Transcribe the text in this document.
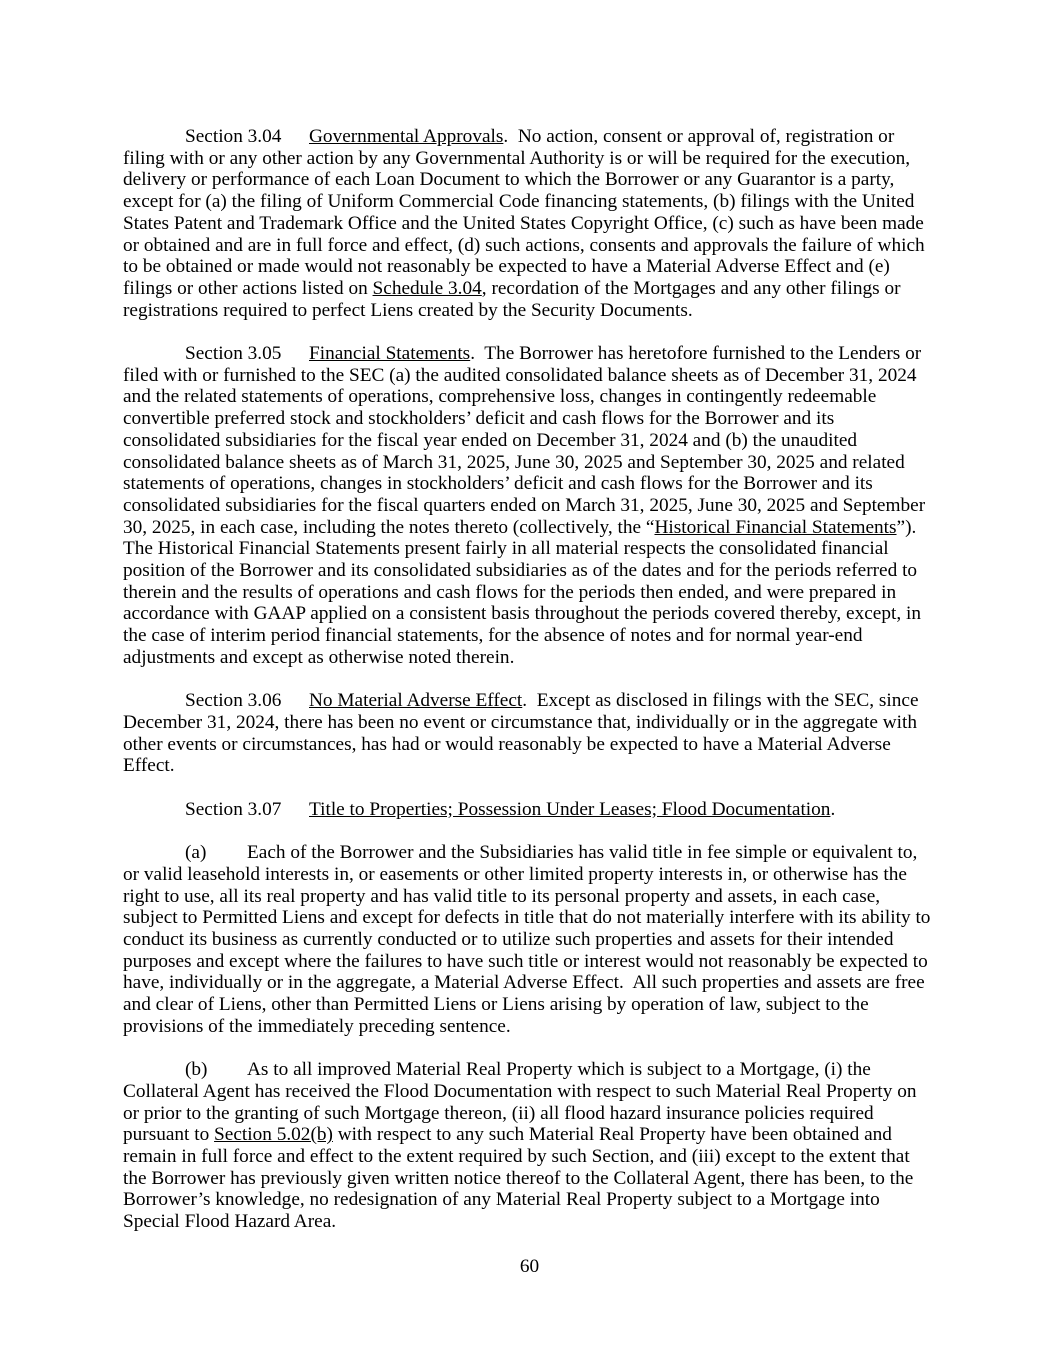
Section 3.04	Governmental Approvals.  No action, consent or approval of, registration or filing with or any other action by any Governmental Authority is or will be required for the execution, delivery or performance of each Loan Document to which the Borrower or any Guarantor is a party, except for (a) the filing of Uniform Commercial Code financing statements, (b) filings with the United States Patent and Trademark Office and the United States Copyright Office, (c) such as have been made or obtained and are in full force and effect, (d) such actions, consents and approvals the failure of which to be obtained or made would not reasonably be expected to have a Material Adverse Effect and (e) filings or other actions listed on Schedule 3.04, recordation of the Mortgages and any other filings or registrations required to perfect Liens created by the Security Documents.

Section 3.05	Financial Statements.  The Borrower has heretofore furnished to the Lenders or filed with or furnished to the SEC (a) the audited consolidated balance sheets as of December 31, 2024 and the related statements of operations, comprehensive loss, changes in contingently redeemable convertible preferred stock and stockholders’ deficit and cash flows for the Borrower and its consolidated subsidiaries for the fiscal year ended on December 31, 2024 and (b) the unaudited consolidated balance sheets as of March 31, 2025, June 30, 2025 and September 30, 2025 and related statements of operations, changes in stockholders’ deficit and cash flows for the Borrower and its consolidated subsidiaries for the fiscal quarters ended on March 31, 2025, June 30, 2025 and September 30, 2025, in each case, including the notes thereto (collectively, the “Historical Financial Statements”). The Historical Financial Statements present fairly in all material respects the consolidated financial position of the Borrower and its consolidated subsidiaries as of the dates and for the periods referred to therein and the results of operations and cash flows for the periods then ended, and were prepared in accordance with GAAP applied on a consistent basis throughout the periods covered thereby, except, in the case of interim period financial statements, for the absence of notes and for normal year-end adjustments and except as otherwise noted therein.

Section 3.06	No Material Adverse Effect.  Except as disclosed in filings with the SEC, since December 31, 2024, there has been no event or circumstance that, individually or in the aggregate with other events or circumstances, has had or would reasonably be expected to have a Material Adverse Effect.

Section 3.07	Title to Properties; Possession Under Leases; Flood Documentation.

(a)	Each of the Borrower and the Subsidiaries has valid title in fee simple or equivalent to, or valid leasehold interests in, or easements or other limited property interests in, or otherwise has the right to use, all its real property and has valid title to its personal property and assets, in each case, subject to Permitted Liens and except for defects in title that do not materially interfere with its ability to conduct its business as currently conducted or to utilize such properties and assets for their intended purposes and except where the failures to have such title or interest would not reasonably be expected to have, individually or in the aggregate, a Material Adverse Effect.  All such properties and assets are free and clear of Liens, other than Permitted Liens or Liens arising by operation of law, subject to the provisions of the immediately preceding sentence.

(b)	As to all improved Material Real Property which is subject to a Mortgage, (i) the Collateral Agent has received the Flood Documentation with respect to such Material Real Property on or prior to the granting of such Mortgage thereon, (ii) all flood hazard insurance policies required pursuant to Section 5.02(b) with respect to any such Material Real Property have been obtained and remain in full force and effect to the extent required by such Section, and (iii) except to the extent that the Borrower has previously given written notice thereof to the Collateral Agent, there has been, to the Borrower’s knowledge, no redesignation of any Material Real Property subject to a Mortgage into Special Flood Hazard Area.

60
